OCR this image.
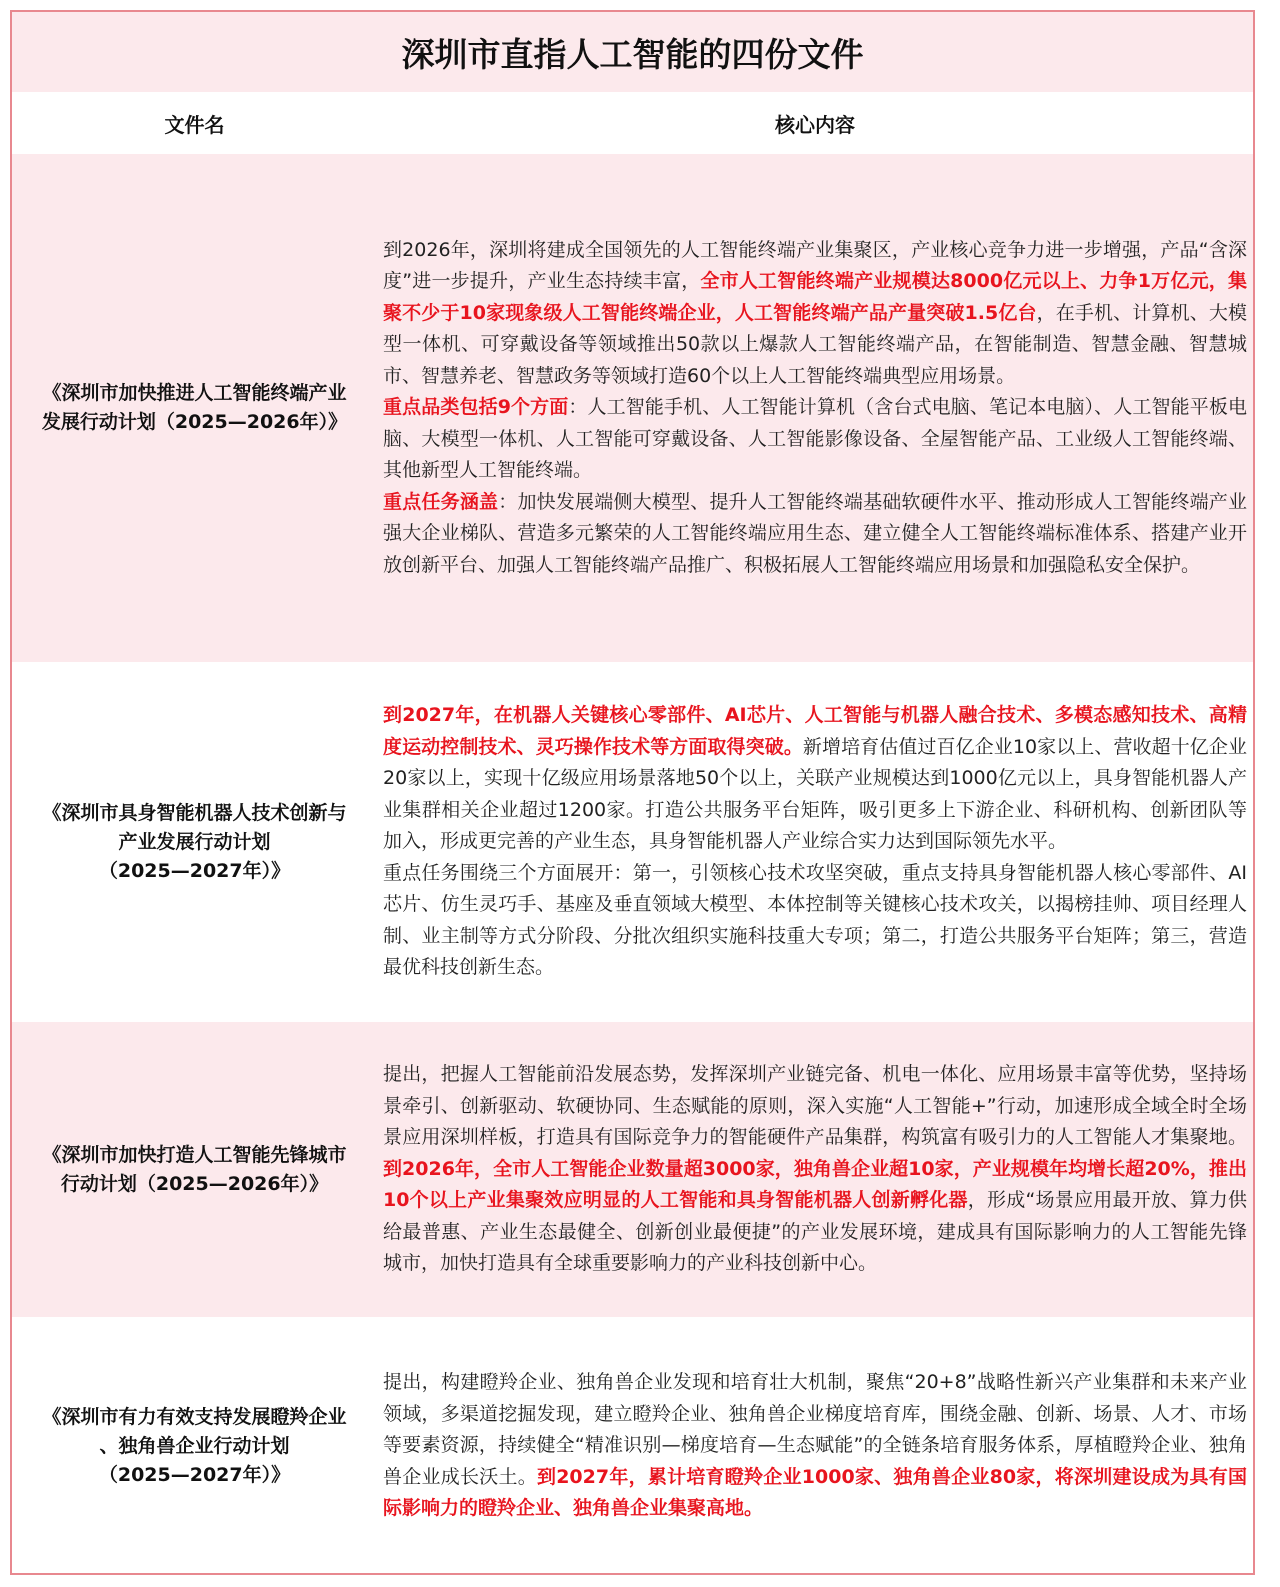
深圳市直指人工智能的四份文件
文件名	核心内容
《深圳市加快推进人工智能终端产业
发展行动计划（2025—2026年）》

到2026年，深圳将建成全国领先的人工智能终端产业集聚区，产业核心竞争力进一步增强，产品“含深度”进一步提升，产业生态持续丰富，全市人工智能终端产业规模达8000亿元以上、力争1万亿元，集聚不少于10家现象级人工智能终端企业，人工智能终端产品产量突破1.5亿台，在手机、计算机、大模型一体机、可穿戴设备等领域推出50款以上爆款人工智能终端产品，在智能制造、智慧金融、智慧城市、智慧养老、智慧政务等领域打造60个以上人工智能终端典型应用场景。

重点品类包括9个方面：人工智能手机、人工智能计算机（含台式电脑、笔记本电脑）、人工智能平板电脑、大模型一体机、人工智能可穿戴设备、人工智能影像设备、全屋智能产品、工业级人工智能终端、其他新型人工智能终端。

重点任务涵盖：加快发展端侧大模型、提升人工智能终端基础软硬件水平、推动形成人工智能终端产业强大企业梯队、营造多元繁荣的人工智能终端应用生态、建立健全人工智能终端标准体系、搭建产业开放创新平台、加强人工智能终端产品推广、积极拓展人工智能终端应用场景和加强隐私安全保护。

《深圳市具身智能机器人技术创新与
产业发展行动计划
（2025—2027年）》

到2027年，在机器人关键核心零部件、AI芯片、人工智能与机器人融合技术、多模态感知技术、高精度运动控制技术、灵巧操作技术等方面取得突破。新增培育估值过百亿企业10家以上、营收超十亿企业20家以上，实现十亿级应用场景落地50个以上，关联产业规模达到1000亿元以上，具身智能机器人产业集群相关企业超过1200家。打造公共服务平台矩阵，吸引更多上下游企业、科研机构、创新团队等加入，形成更完善的产业生态，具身智能机器人产业综合实力达到国际领先水平。

重点任务围绕三个方面展开：第一，引领核心技术攻坚突破，重点支持具身智能机器人核心零部件、AI芯片、仿生灵巧手、基座及垂直领域大模型、本体控制等关键核心技术攻关，以揭榜挂帅、项目经理人制、业主制等方式分阶段、分批次组织实施科技重大专项；第二，打造公共服务平台矩阵；第三，营造最优科技创新生态。

《深圳市加快打造人工智能先锋城市
行动计划（2025—2026年）》

提出，把握人工智能前沿发展态势，发挥深圳产业链完备、机电一体化、应用场景丰富等优势，坚持场景牵引、创新驱动、软硬协同、生态赋能的原则，深入实施“人工智能+”行动，加速形成全域全时全场景应用深圳样板，打造具有国际竞争力的智能硬件产品集群，构筑富有吸引力的人工智能人才集聚地。到2026年，全市人工智能企业数量超3000家，独角兽企业超10家，产业规模年均增长超20%，推出10个以上产业集聚效应明显的人工智能和具身智能机器人创新孵化器，形成“场景应用最开放、算力供给最普惠、产业生态最健全、创新创业最便捷”的产业发展环境，建成具有国际影响力的人工智能先锋城市，加快打造具有全球重要影响力的产业科技创新中心。

《深圳市有力有效支持发展瞪羚企业
、独角兽企业行动计划
（2025—2027年）》

提出，构建瞪羚企业、独角兽企业发现和培育壮大机制，聚焦“20+8”战略性新兴产业集群和未来产业领域，多渠道挖掘发现，建立瞪羚企业、独角兽企业梯度培育库，围绕金融、创新、场景、人才、市场等要素资源，持续健全“精准识别—梯度培育—生态赋能”的全链条培育服务体系，厚植瞪羚企业、独角兽企业成长沃土。到2027年，累计培育瞪羚企业1000家、独角兽企业80家，将深圳建设成为具有国际影响力的瞪羚企业、独角兽企业集聚高地。
